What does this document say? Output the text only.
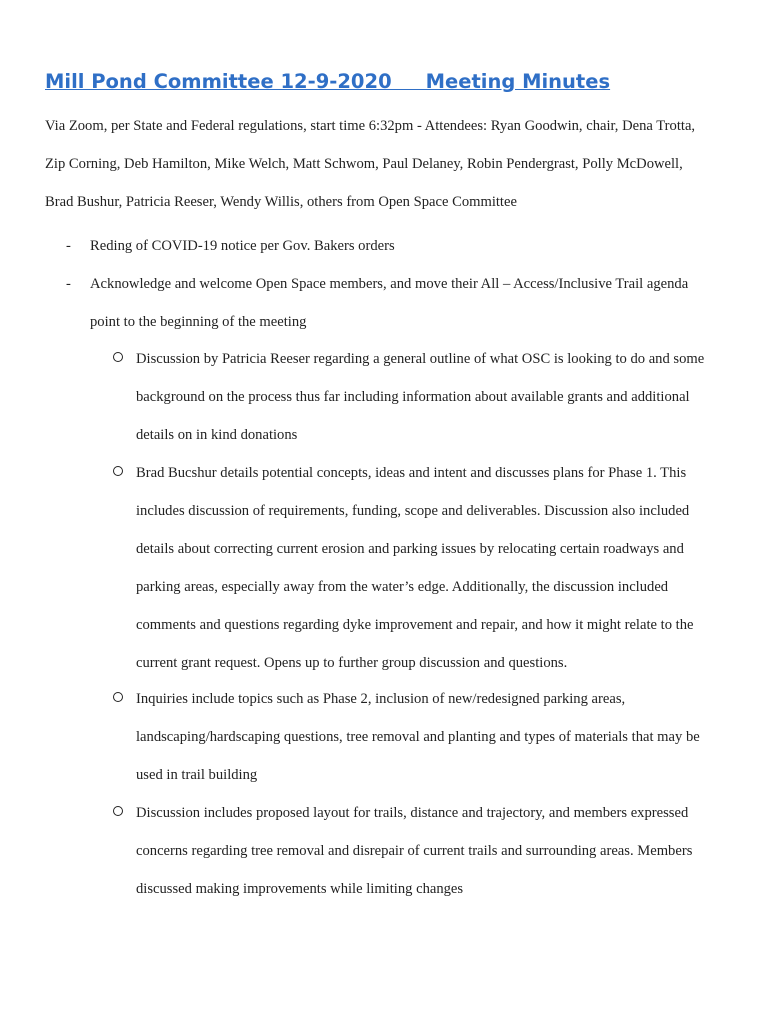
Mill Pond Committee 12-9-2020     Meeting Minutes
Via Zoom, per State and Federal regulations, start time 6:32pm - Attendees: Ryan Goodwin, chair, Dena Trotta,
Zip Corning, Deb Hamilton, Mike Welch, Matt Schwom, Paul Delaney, Robin Pendergrast, Polly McDowell,
Brad Bushur, Patricia Reeser, Wendy Willis, others from Open Space Committee
- Reding of COVID-19 notice per Gov. Bakers orders
- Acknowledge and welcome Open Space members, and move their All – Access/Inclusive Trail agenda
point to the beginning of the meeting
Discussion by Patricia Reeser regarding a general outline of what OSC is looking to do and some
background on the process thus far including information about available grants and additional
details on in kind donations
Brad Bucshur details potential concepts, ideas and intent and discusses plans for Phase 1. This
includes discussion of requirements, funding, scope and deliverables. Discussion also included
details about correcting current erosion and parking issues by relocating certain roadways and
parking areas, especially away from the water’s edge. Additionally, the discussion included
comments and questions regarding dyke improvement and repair, and how it might relate to the
current grant request. Opens up to further group discussion and questions.
Inquiries include topics such as Phase 2, inclusion of new/redesigned parking areas,
landscaping/hardscaping questions, tree removal and planting and types of materials that may be
used in trail building
Discussion includes proposed layout for trails, distance and trajectory, and members expressed
concerns regarding tree removal and disrepair of current trails and surrounding areas. Members
discussed making improvements while limiting changes
